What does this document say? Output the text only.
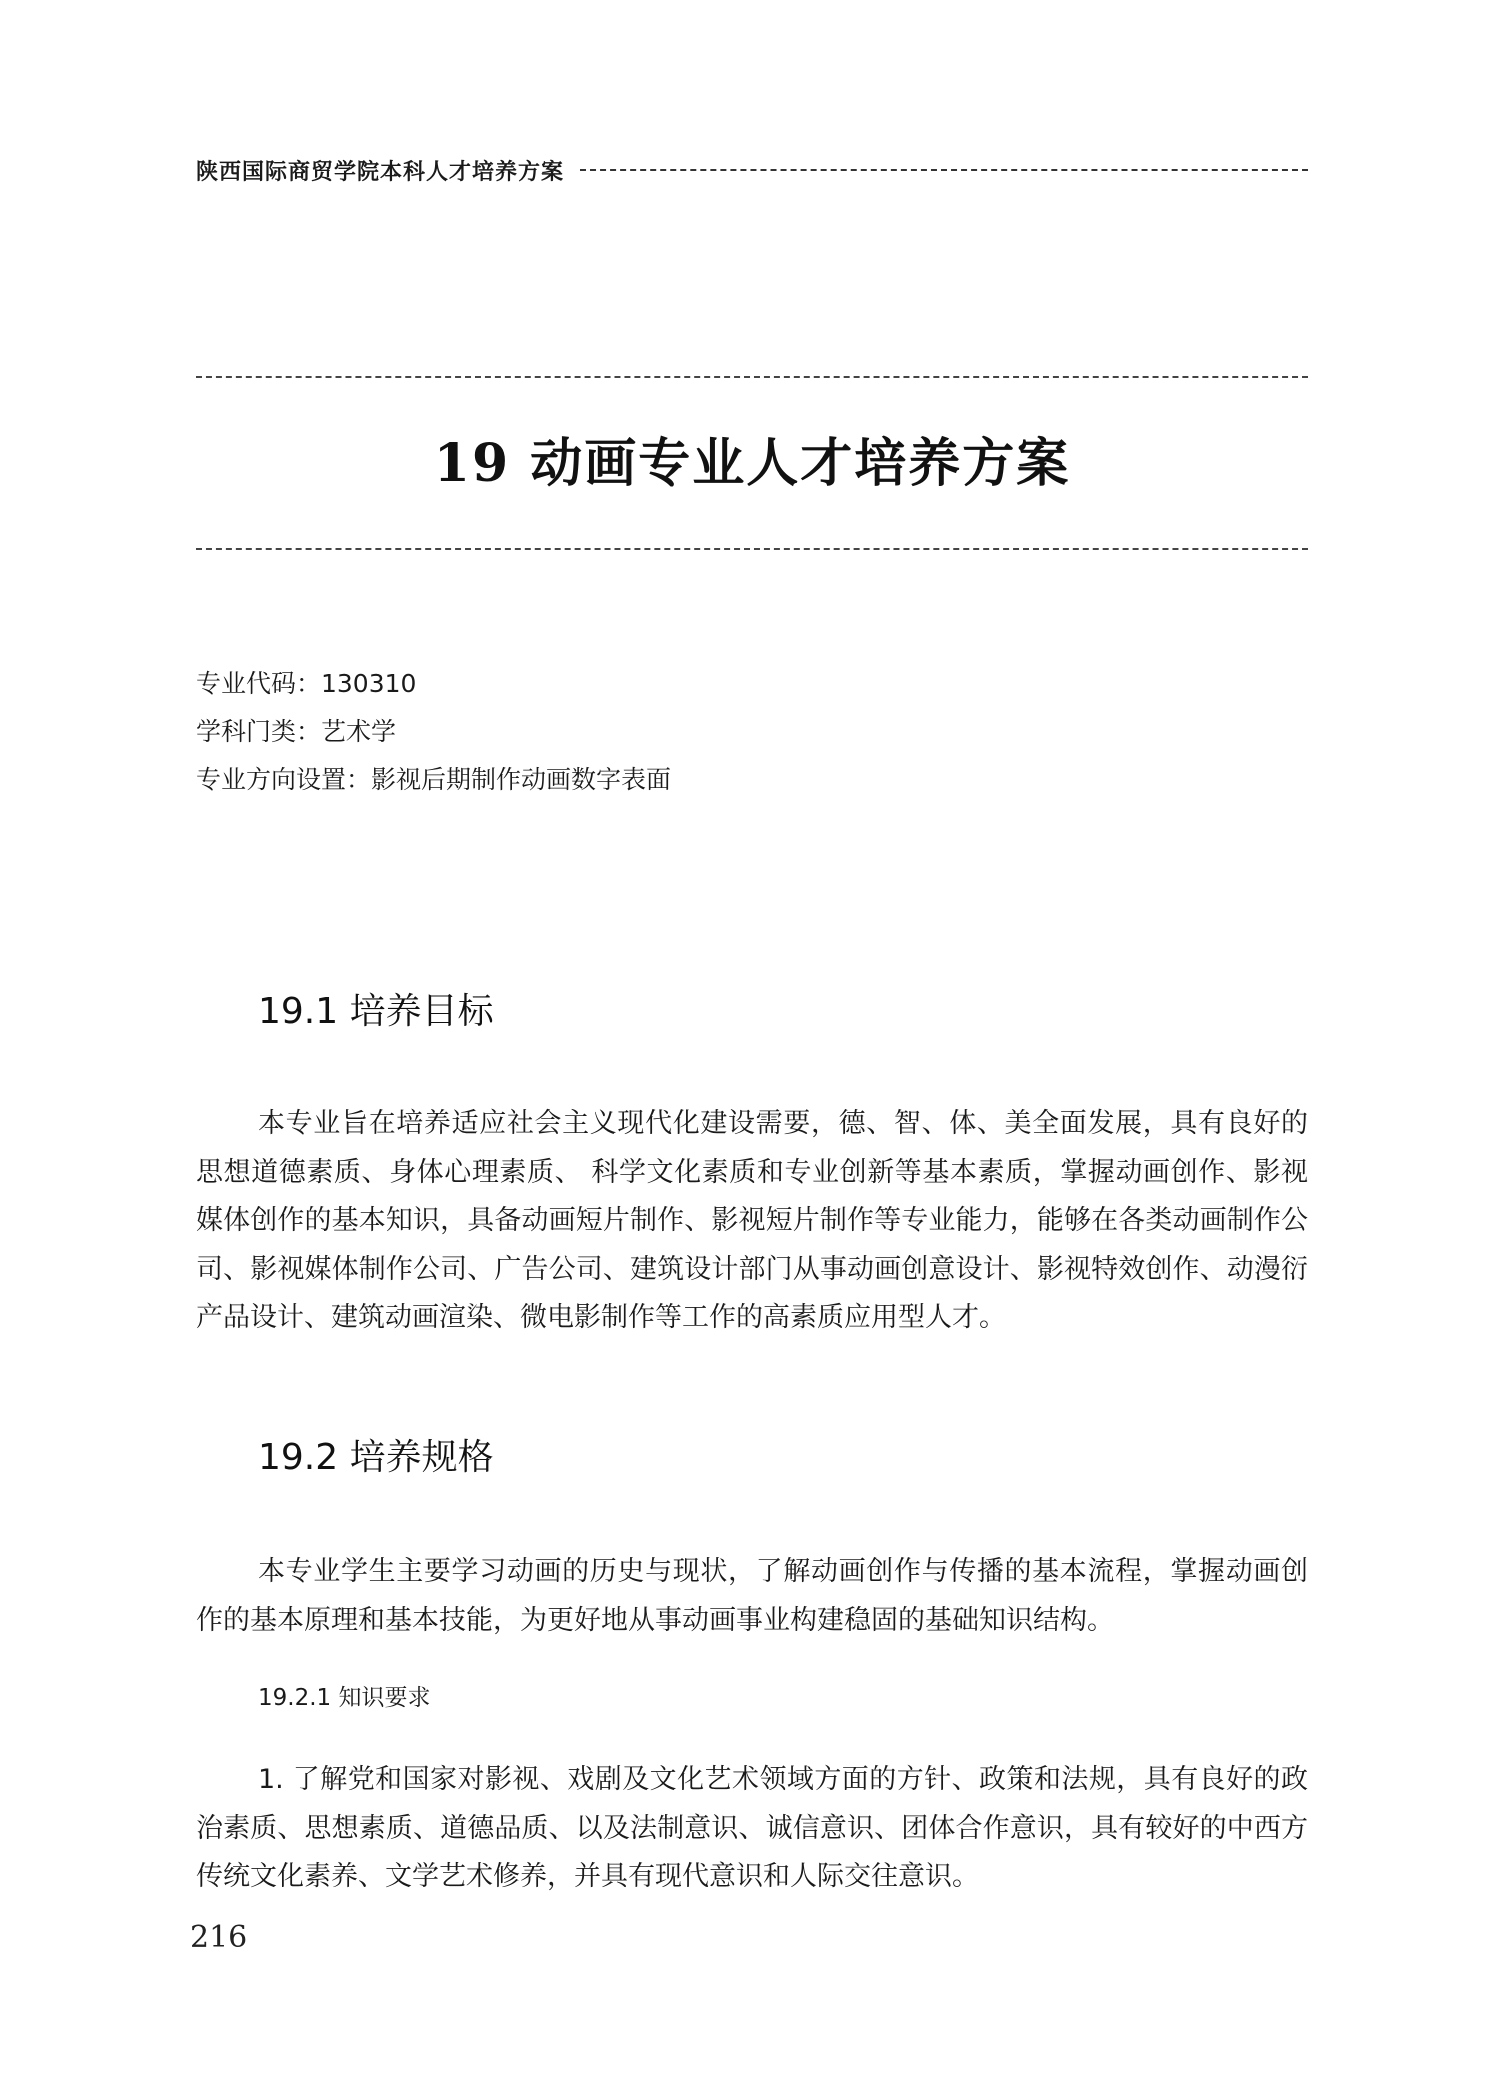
陕西国际商贸学院本科人才培养方案
19 动画专业人才培养方案
专业代码：130310
学科门类：艺术学
专业方向设置：影视后期制作动画数字表面
19.1 培养目标

本专业旨在培养适应社会主义现代化建设需要，德、智、体、美全面发展，具有良好的思想道德素质、身体心理素质、 科学文化素质和专业创新等基本素质，掌握动画创作、影视媒体创作的基本知识，具备动画短片制作、影视短片制作等专业能力，能够在各类动画制作公司、影视媒体制作公司、广告公司、建筑设计部门从事动画创意设计、影视特效创作、动漫衍产品设计、建筑动画渲染、微电影制作等工作的高素质应用型人才。

19.2 培养规格

本专业学生主要学习动画的历史与现状，了解动画创作与传播的基本流程，掌握动画创作的基本原理和基本技能，为更好地从事动画事业构建稳固的基础知识结构。

19.2.1 知识要求

1. 了解党和国家对影视、戏剧及文化艺术领域方面的方针、政策和法规，具有良好的政治素质、思想素质、道德品质、以及法制意识、诚信意识、团体合作意识，具有较好的中西方传统文化素养、文学艺术修养，并具有现代意识和人际交往意识。

216
